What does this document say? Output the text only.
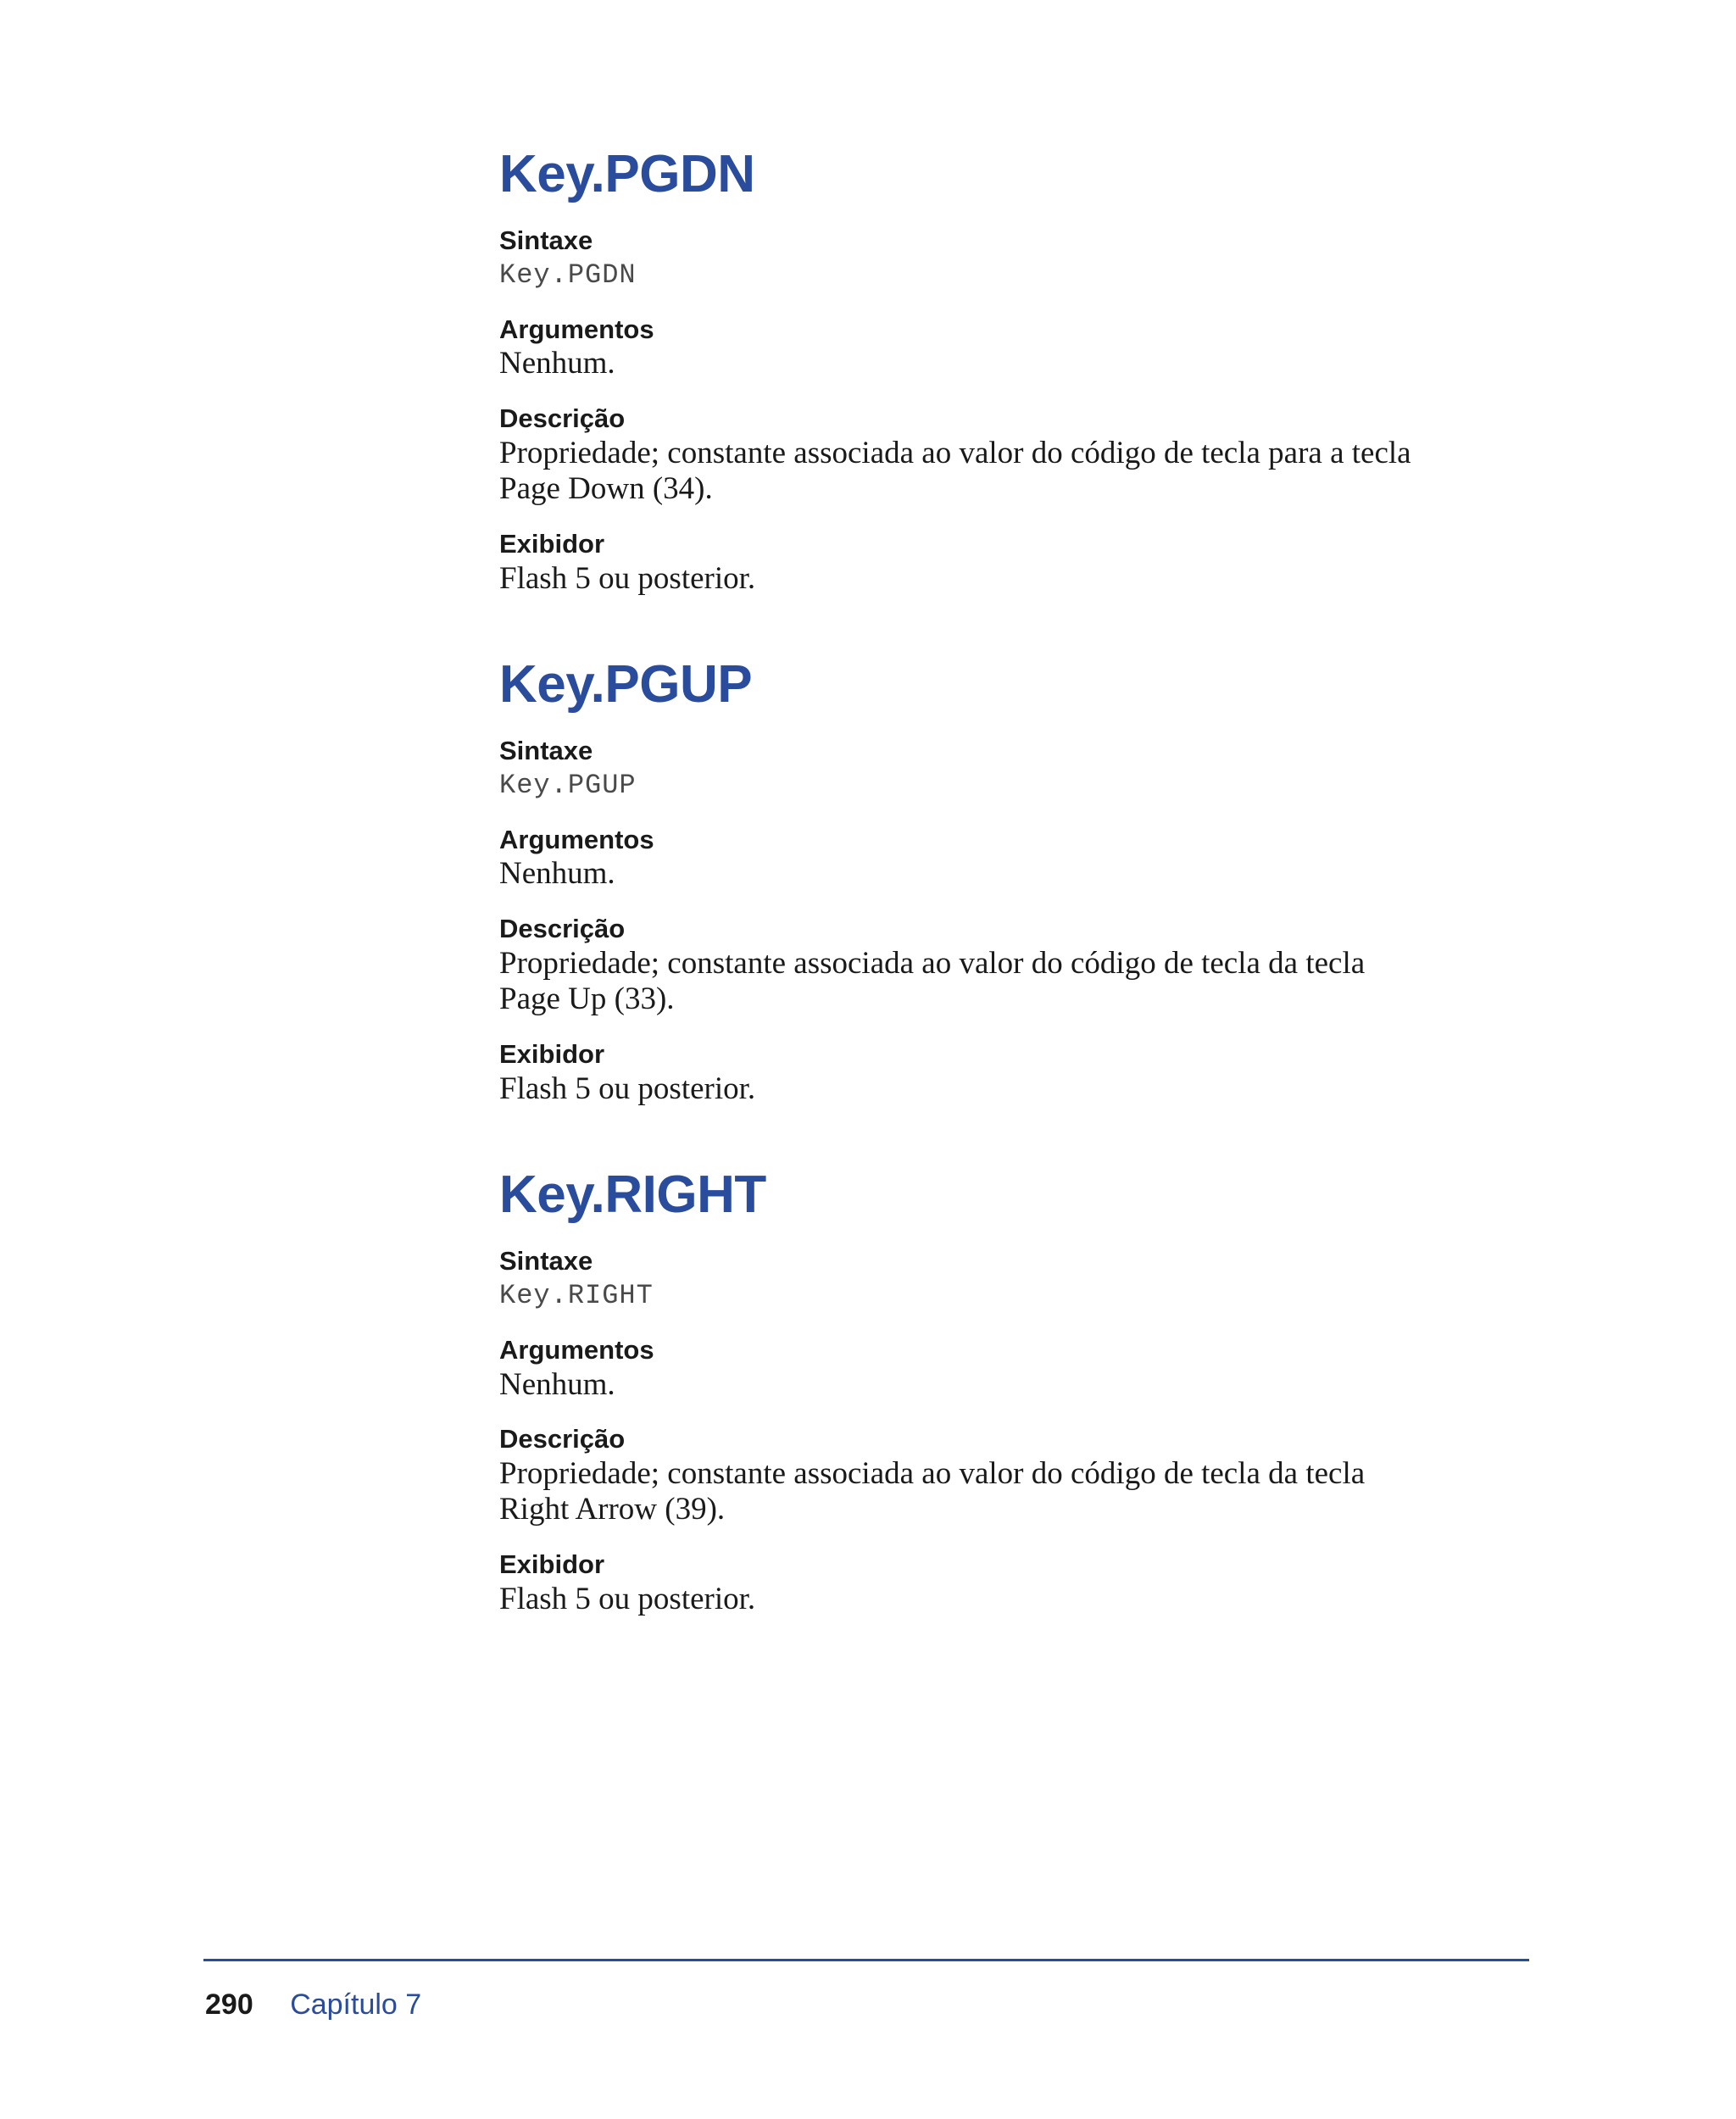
Key.PGDN
Sintaxe
Key.PGDN
Argumentos
Nenhum.
Descrição
Propriedade; constante associada ao valor do código de tecla para a tecla
Page Down (34).
Exibidor
Flash 5 ou posterior.
Key.PGUP
Sintaxe
Key.PGUP
Argumentos
Nenhum.
Descrição
Propriedade; constante associada ao valor do código de tecla da tecla
Page Up (33).
Exibidor
Flash 5 ou posterior.
Key.RIGHT
Sintaxe
Key.RIGHT
Argumentos
Nenhum.
Descrição
Propriedade; constante associada ao valor do código de tecla da tecla
Right Arrow (39).
Exibidor
Flash 5 ou posterior.
290 Capítulo 7
